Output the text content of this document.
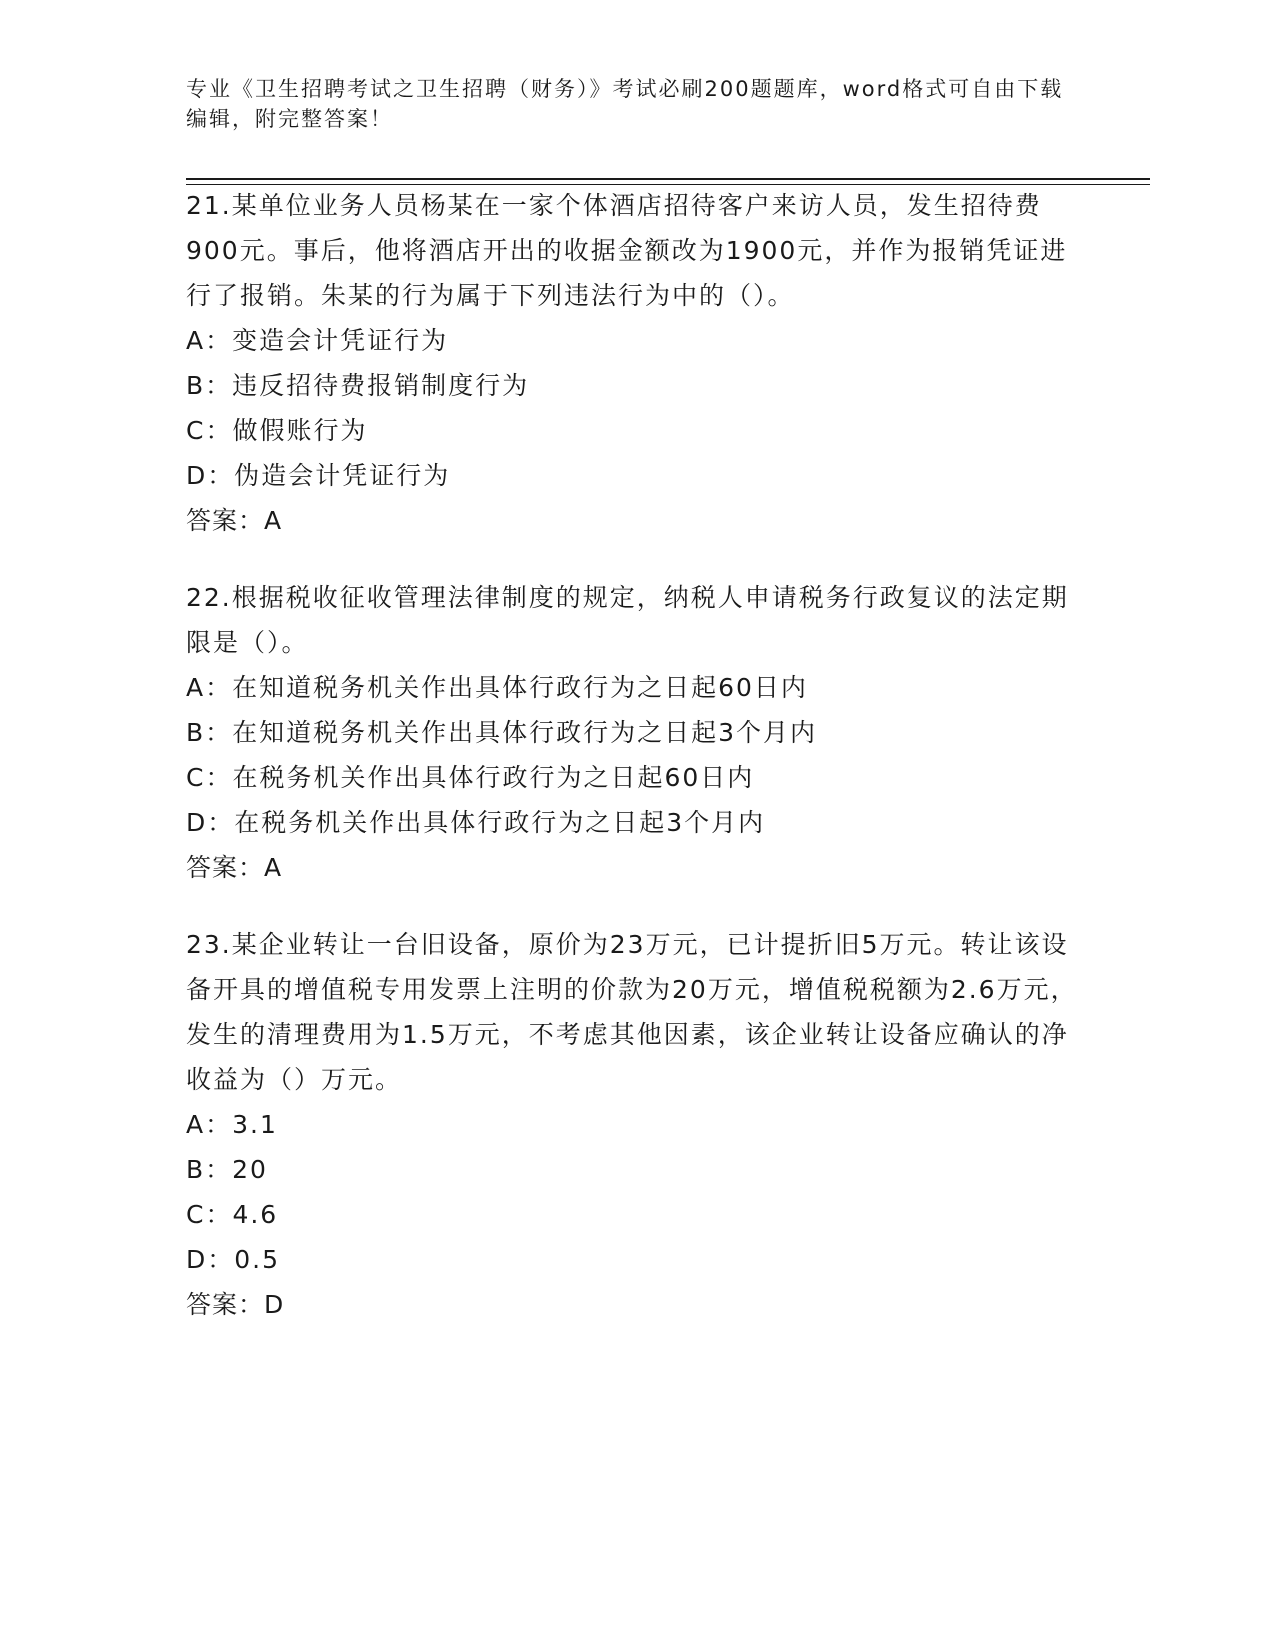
专业《卫生招聘考试之卫生招聘（财务）》考试必刷200题题库，word格式可自由下载编辑，附完整答案！

21.某单位业务人员杨某在一家个体酒店招待客户来访人员，发生招待费900元。事后，他将酒店开出的收据金额改为1900元，并作为报销凭证进行了报销。朱某的行为属于下列违法行为中的（）。

A：变造会计凭证行为

B：违反招待费报销制度行为

C：做假账行为

D：伪造会计凭证行为

答案：A

22.根据税收征收管理法律制度的规定，纳税人申请税务行政复议的法定期限是（）。

A：在知道税务机关作出具体行政行为之日起60日内

B：在知道税务机关作出具体行政行为之日起3个月内

C：在税务机关作出具体行政行为之日起60日内

D：在税务机关作出具体行政行为之日起3个月内

答案：A

23.某企业转让一台旧设备，原价为23万元，已计提折旧5万元。转让该设备开具的增值税专用发票上注明的价款为20万元，增值税税额为2.6万元，发生的清理费用为1.5万元，不考虑其他因素，该企业转让设备应确认的净收益为（）万元。

A：3.1

B：20

C：4.6

D：0.5

答案：D
